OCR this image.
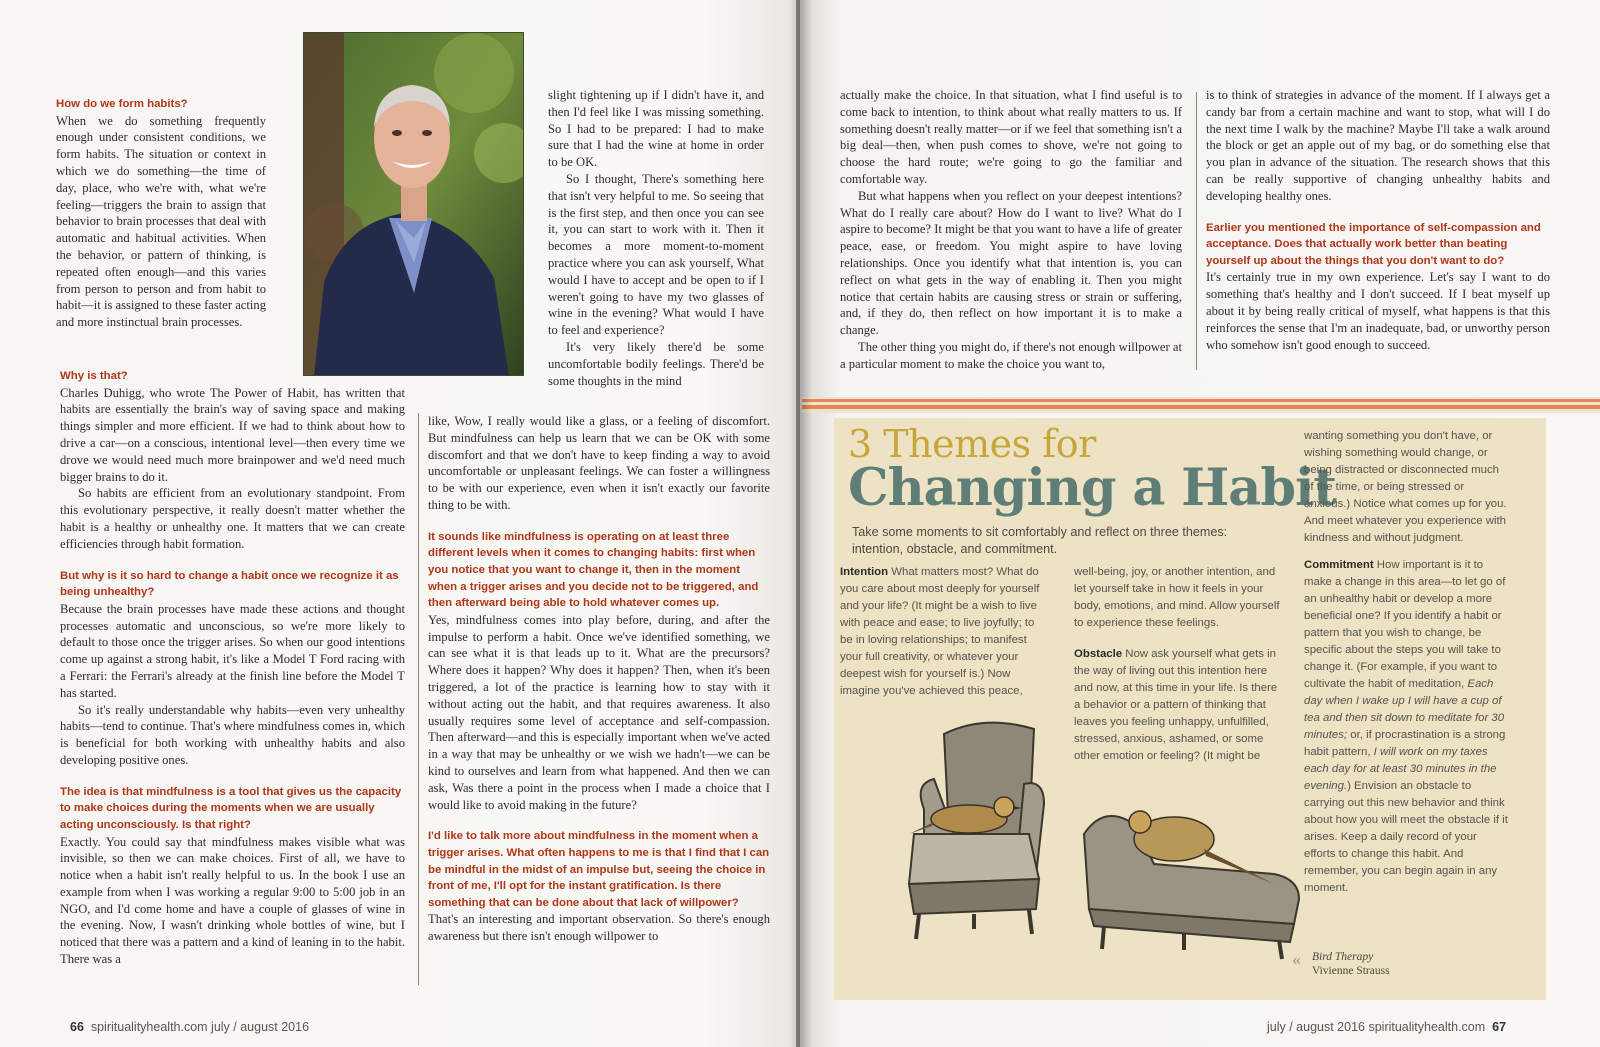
How do we form habits?

When we do something frequently enough under consistent conditions, we form habits. The situation or context in which we do something—the time of day, place, who we're with, what we're feeling—triggers the brain to assign that behavior to brain processes that deal with automatic and habitual activities. When the behavior, or pattern of thinking, is repeated often enough—and this varies from person to person and from habit to habit—it is assigned to these faster acting and more instinctual brain processes.

Why is that?

Charles Duhigg, who wrote The Power of Habit, has written that habits are essentially the brain's way of saving space and making things simpler and more efficient. If we had to think about how to drive a car—on a conscious, intentional level—then every time we drove we would need much more brainpower and we'd need much bigger brains to do it.

So habits are efficient from an evolutionary standpoint. From this evolutionary perspective, it really doesn't matter whether the habit is a healthy or unhealthy one. It matters that we can create efficiencies through habit formation.

But why is it so hard to change a habit once we recognize it as being unhealthy?

Because the brain processes have made these actions and thought processes automatic and unconscious, so we're more likely to default to those once the trigger arises. So when our good intentions come up against a strong habit, it's like a Model T Ford racing with a Ferrari: the Ferrari's already at the finish line before the Model T has started.

So it's really understandable why habits—even very unhealthy habits—tend to continue. That's where mindfulness comes in, which is beneficial for both working with unhealthy habits and also developing positive ones.

The idea is that mindfulness is a tool that gives us the capacity to make choices during the moments when we are usually acting unconsciously. Is that right?

Exactly. You could say that mindfulness makes visible what was invisible, so then we can make choices. First of all, we have to notice when a habit isn't really helpful to us. In the book I use an example from when I was working a regular 9:00 to 5:00 job in an NGO, and I'd come home and have a couple of glasses of wine in the evening. Now, I wasn't drinking whole bottles of wine, but I noticed that there was a pattern and a kind of leaning in to the habit. There was a

slight tightening up if I didn't have it, and then I'd feel like I was missing something. So I had to be prepared: I had to make sure that I had the wine at home in order to be OK.

So I thought, There's something here that isn't very helpful to me. So seeing that is the first step, and then once you can see it, you can start to work with it. Then it becomes a more moment-to-moment practice where you can ask yourself, What would I have to accept and be open to if I weren't going to have my two glasses of wine in the evening? What would I have to feel and experience?

It's very likely there'd be some uncomfortable bodily feelings. There'd be some thoughts in the mind

like, Wow, I really would like a glass, or a feeling of discomfort. But mindfulness can help us learn that we can be OK with some discomfort and that we don't have to keep finding a way to avoid uncomfortable or unpleasant feelings. We can foster a willingness to be with our experience, even when it isn't exactly our favorite thing to be with.

It sounds like mindfulness is operating on at least three different levels when it comes to changing habits: first when you notice that you want to change it, then in the moment when a trigger arises and you decide not to be triggered, and then afterward being able to hold whatever comes up.

Yes, mindfulness comes into play before, during, and after the impulse to perform a habit. Once we've identified something, we can see what it is that leads up to it. What are the precursors? Where does it happen? Why does it happen? Then, when it's been triggered, a lot of the practice is learning how to stay with it without acting out the habit, and that requires awareness. It also usually requires some level of acceptance and self-compassion. Then afterward—and this is especially important when we've acted in a way that may be unhealthy or we wish we hadn't—we can be kind to ourselves and learn from what happened. And then we can ask, Was there a point in the process when I made a choice that I would like to avoid making in the future?

I'd like to talk more about mindfulness in the moment when a trigger arises. What often happens to me is that I find that I can be mindful in the midst of an impulse but, seeing the choice in front of me, I'll opt for the instant gratification. Is there something that can be done about that lack of willpower?

That's an interesting and important observation. So there's enough awareness but there isn't enough willpower to

66 spiritualityhealth.com july / august 2016

actually make the choice. In that situation, what I find useful is to come back to intention, to think about what really matters to us. If something doesn't really matter—or if we feel that something isn't a big deal—then, when push comes to shove, we're not going to choose the hard route; we're going to go the familiar and comfortable way.

But what happens when you reflect on your deepest intentions? What do I really care about? How do I want to live? What do I aspire to become? It might be that you want to have a life of greater peace, ease, or freedom. You might aspire to have loving relationships. Once you identify what that intention is, you can reflect on what gets in the way of enabling it. Then you might notice that certain habits are causing stress or strain or suffering, and, if they do, then reflect on how important it is to make a change.

The other thing you might do, if there's not enough willpower at a particular moment to make the choice you want to,

is to think of strategies in advance of the moment. If I always get a candy bar from a certain machine and want to stop, what will I do the next time I walk by the machine? Maybe I'll take a walk around the block or get an apple out of my bag, or do something else that you plan in advance of the situation. The research shows that this can be really supportive of changing unhealthy habits and developing healthy ones.

Earlier you mentioned the importance of self-compassion and acceptance. Does that actually work better than beating yourself up about the things that you don't want to do?

It's certainly true in my own experience. Let's say I want to do something that's healthy and I don't succeed. If I beat myself up about it by being really critical of myself, what happens is that this reinforces the sense that I'm an inadequate, bad, or unworthy person who somehow isn't good enough to succeed.

3 Themes for
Changing a Habit
Take some moments to sit comfortably and reflect on three themes: intention, obstacle, and commitment.
Intention What matters most? What do you care about most deeply for yourself and your life? (It might be a wish to live with peace and ease; to live joyfully; to be in loving relationships; to manifest your full creativity, or whatever your deepest wish for yourself is.) Now imagine you've achieved this peace,
well-being, joy, or another intention, and let yourself take in how it feels in your body, emotions, and mind. Allow yourself to experience these feelings.
Obstacle Now ask yourself what gets in the way of living out this intention here and now, at this time in your life. Is there a behavior or a pattern of thinking that leaves you feeling unhappy, unfulfilled, stressed, anxious, ashamed, or some other emotion or feeling? (It might be
wanting something you don't have, or wishing something would change, or being distracted or disconnected much of the time, or being stressed or anxious.) Notice what comes up for you. And meet whatever you experience with kindness and without judgment.
Commitment How important is it to make a change in this area—to let go of an unhealthy habit or develop a more beneficial one? If you identify a habit or pattern that you wish to change, be specific about the steps you will take to change it. (For example, if you want to cultivate the habit of meditation, Each day when I wake up I will have a cup of tea and then sit down to meditate for 30 minutes; or, if procrastination is a strong habit pattern, I will work on my taxes each day for at least 30 minutes in the evening.) Envision an obstacle to carrying out this new behavior and think about how you will meet the obstacle if it arises. Keep a daily record of your efforts to change this habit. And remember, you can begin again in any moment.
« Bird Therapy
Vivienne Strauss
july / august 2016 spiritualityhealth.com 67
